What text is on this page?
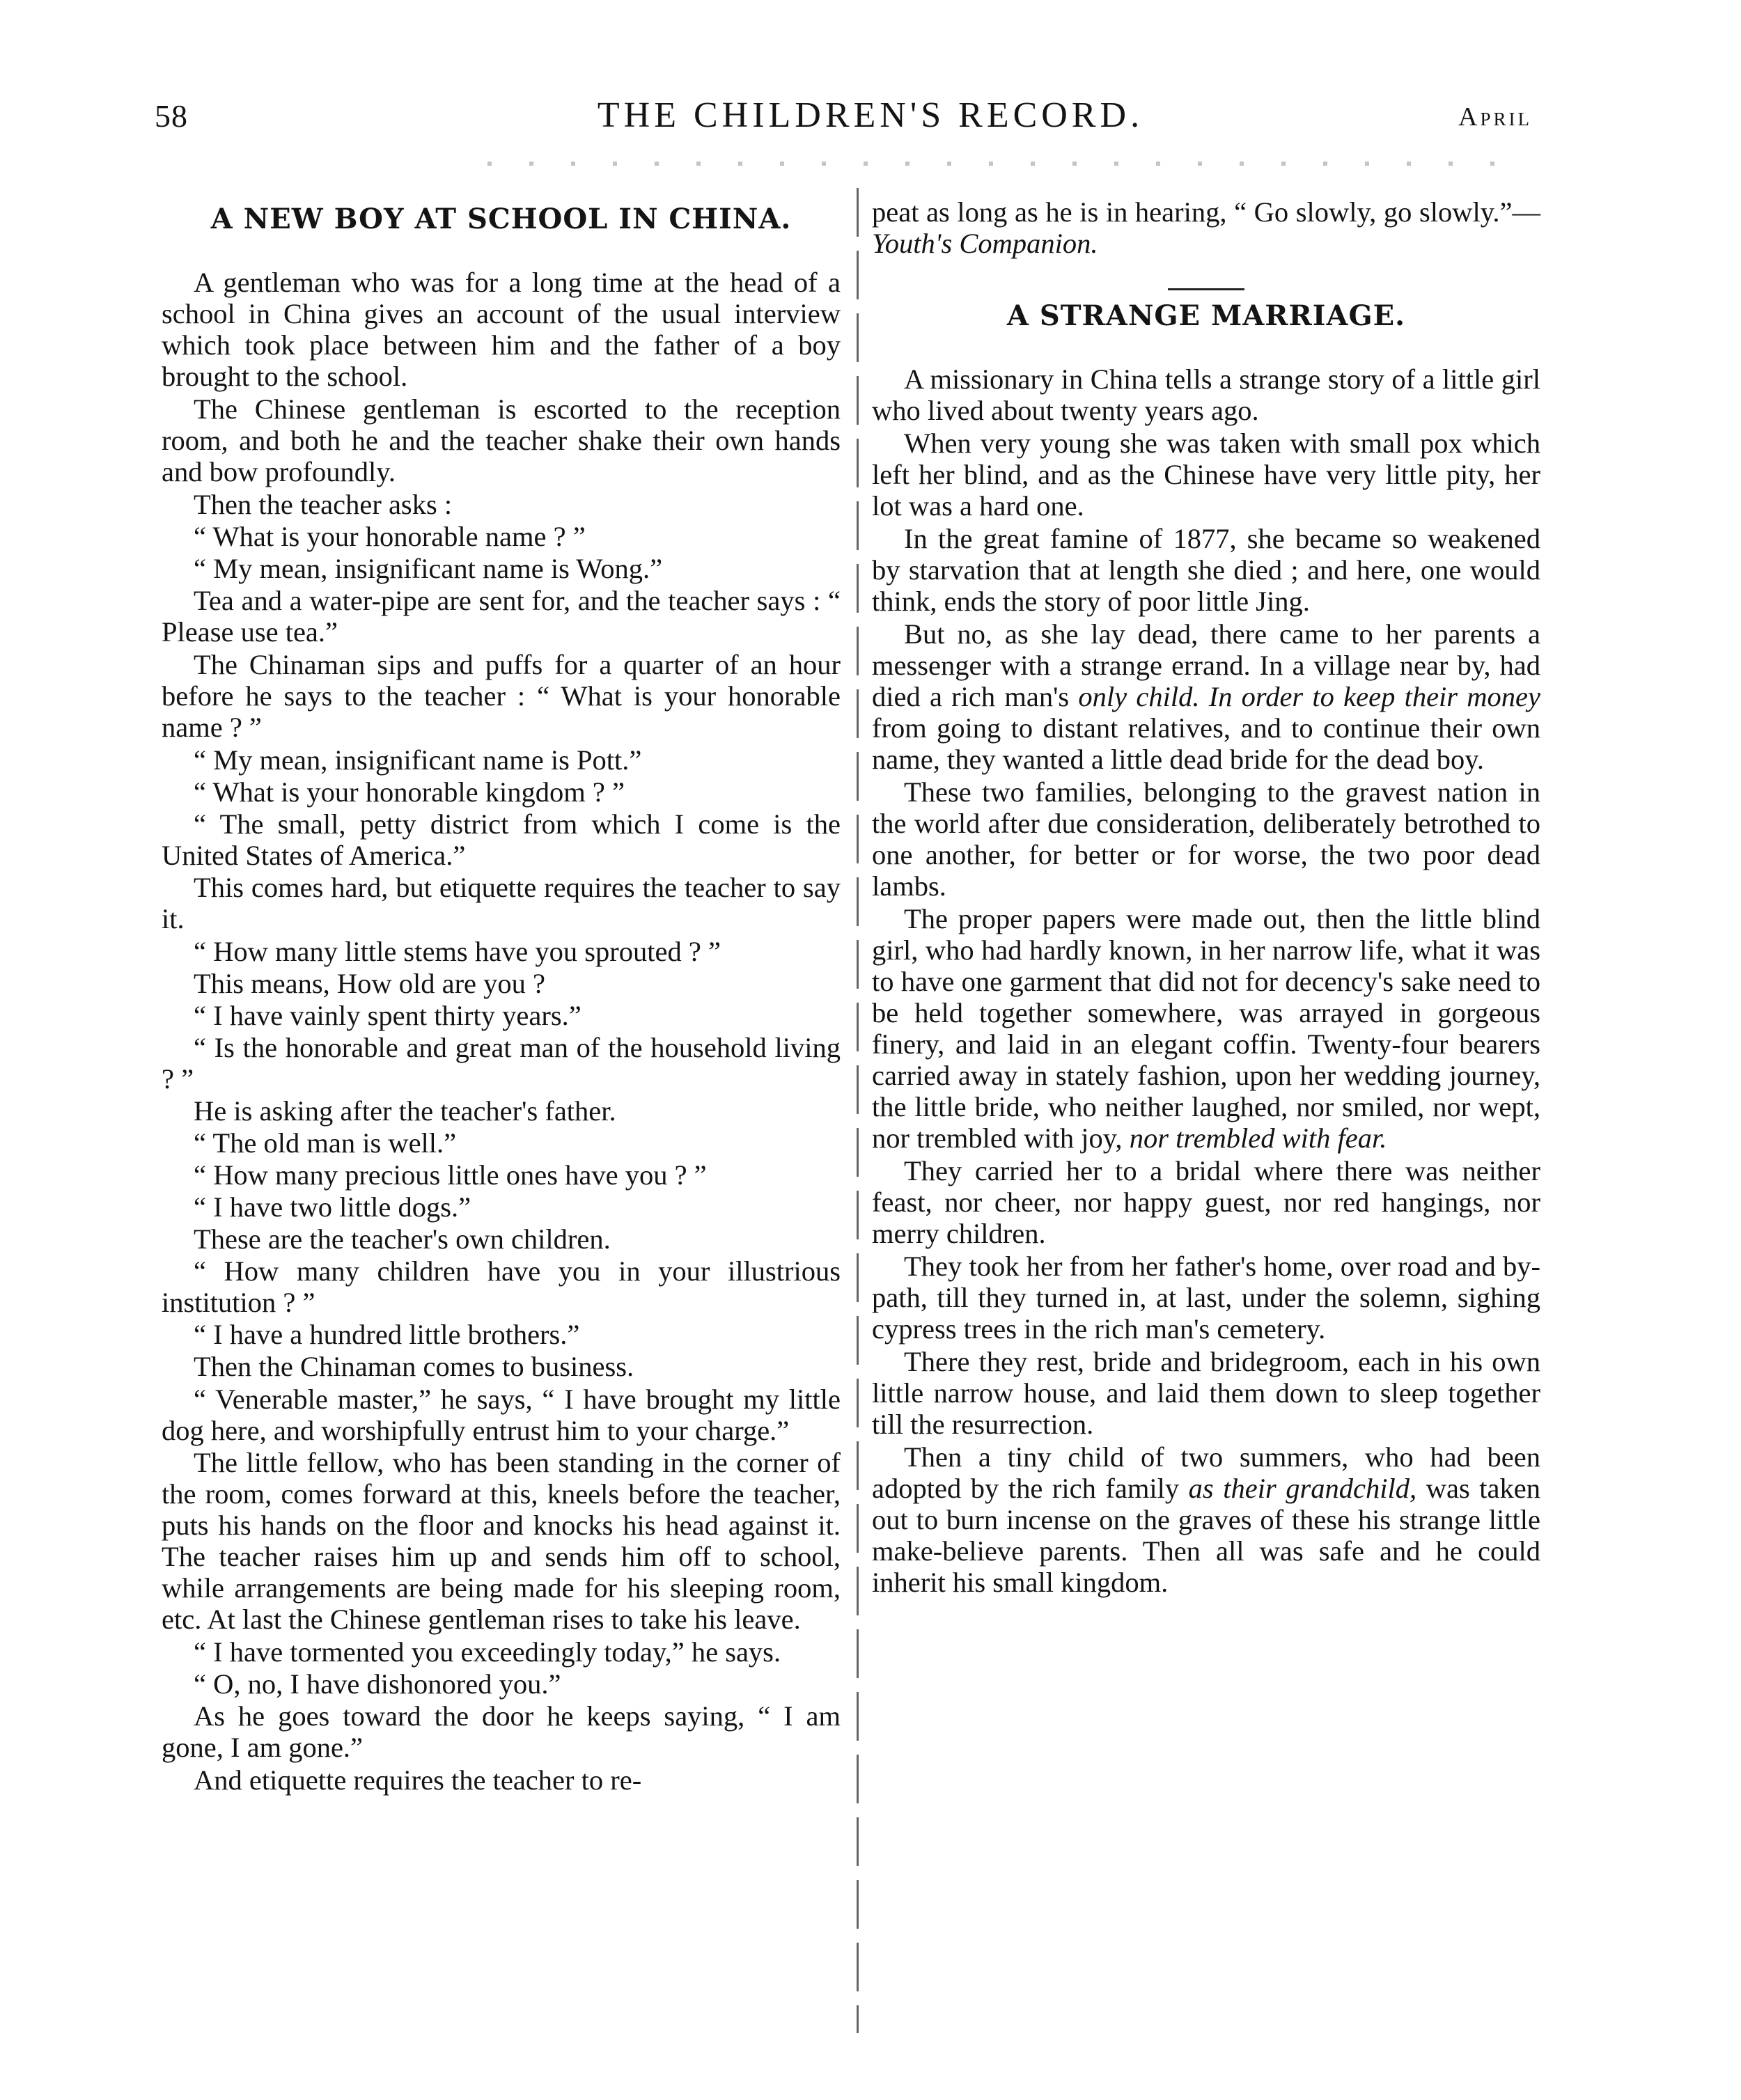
58	THE CHILDREN'S RECORD.	April
A NEW BOY AT SCHOOL IN CHINA.

A gentleman who was for a long time at the head of a school in China gives an account of the usual interview which took place between him and the father of a boy brought to the school.

The Chinese gentleman is escorted to the reception room, and both he and the teacher shake their own hands and bow profoundly.

Then the teacher asks :

“ What is your honorable name ? ”

“ My mean, insignificant name is Wong.”

Tea and a water-pipe are sent for, and the teacher says : “ Please use tea.”

The Chinaman sips and puffs for a quarter of an hour before he says to the teacher : “ What is your honorable name ? ”

“ My mean, insignificant name is Pott.”

“ What is your honorable kingdom ? ”

“ The small, petty district from which I come is the United States of America.”

This comes hard, but etiquette requires the teacher to say it.

“ How many little stems have you sprouted ? ”

This means, How old are you ?

“ I have vainly spent thirty years.”

“ Is the honorable and great man of the household living ? ”

He is asking after the teacher's father.

“ The old man is well.”

“ How many precious little ones have you ? ”

“ I have two little dogs.”

These are the teacher's own children.

“ How many children have you in your illustrious institution ? ”

“ I have a hundred little brothers.”

Then the Chinaman comes to business.

“ Venerable master,” he says, “ I have brought my little dog here, and worshipfully entrust him to your charge.”

The little fellow, who has been standing in the corner of the room, comes forward at this, kneels before the teacher, puts his hands on the floor and knocks his head against it. The teacher raises him up and sends him off to school, while arrangements are being made for his sleeping room, etc. At last the Chinese gentleman rises to take his leave.

“ I have tormented you exceedingly today,” he says.

“ O, no, I have dishonored you.”

As he goes toward the door he keeps saying, “ I am gone, I am gone.”

And etiquette requires the teacher to re-

peat as long as he is in hearing, “ Go slowly, go slowly.”—Youth's Companion.

A STRANGE MARRIAGE.

A missionary in China tells a strange story of a little girl who lived about twenty years ago.

When very young she was taken with small pox which left her blind, and as the Chinese have very little pity, her lot was a hard one.

In the great famine of 1877, she became so weakened by starvation that at length she died ; and here, one would think, ends the story of poor little Jing.

But no, as she lay dead, there came to her parents a messenger with a strange errand. In a village near by, had died a rich man's only child. In order to keep their money from going to distant relatives, and to continue their own name, they wanted a little dead bride for the dead boy.

These two families, belonging to the gravest nation in the world after due consideration, deliberately betrothed to one another, for better or for worse, the two poor dead lambs.

The proper papers were made out, then the little blind girl, who had hardly known, in her narrow life, what it was to have one garment that did not for decency's sake need to be held together somewhere, was arrayed in gorgeous finery, and laid in an elegant coffin. Twenty-four bearers carried away in stately fashion, upon her wedding journey, the little bride, who neither laughed, nor smiled, nor wept, nor trembled with joy, nor trembled with fear.

They carried her to a bridal where there was neither feast, nor cheer, nor happy guest, nor red hangings, nor merry children.

They took her from her father's home, over road and by-path, till they turned in, at last, under the solemn, sighing cypress trees in the rich man's cemetery.

There they rest, bride and bridegroom, each in his own little narrow house, and laid them down to sleep together till the resurrection.

Then a tiny child of two summers, who had been adopted by the rich family as their grandchild, was taken out to burn incense on the graves of these his strange little make-believe parents. Then all was safe and he could inherit his small kingdom.
